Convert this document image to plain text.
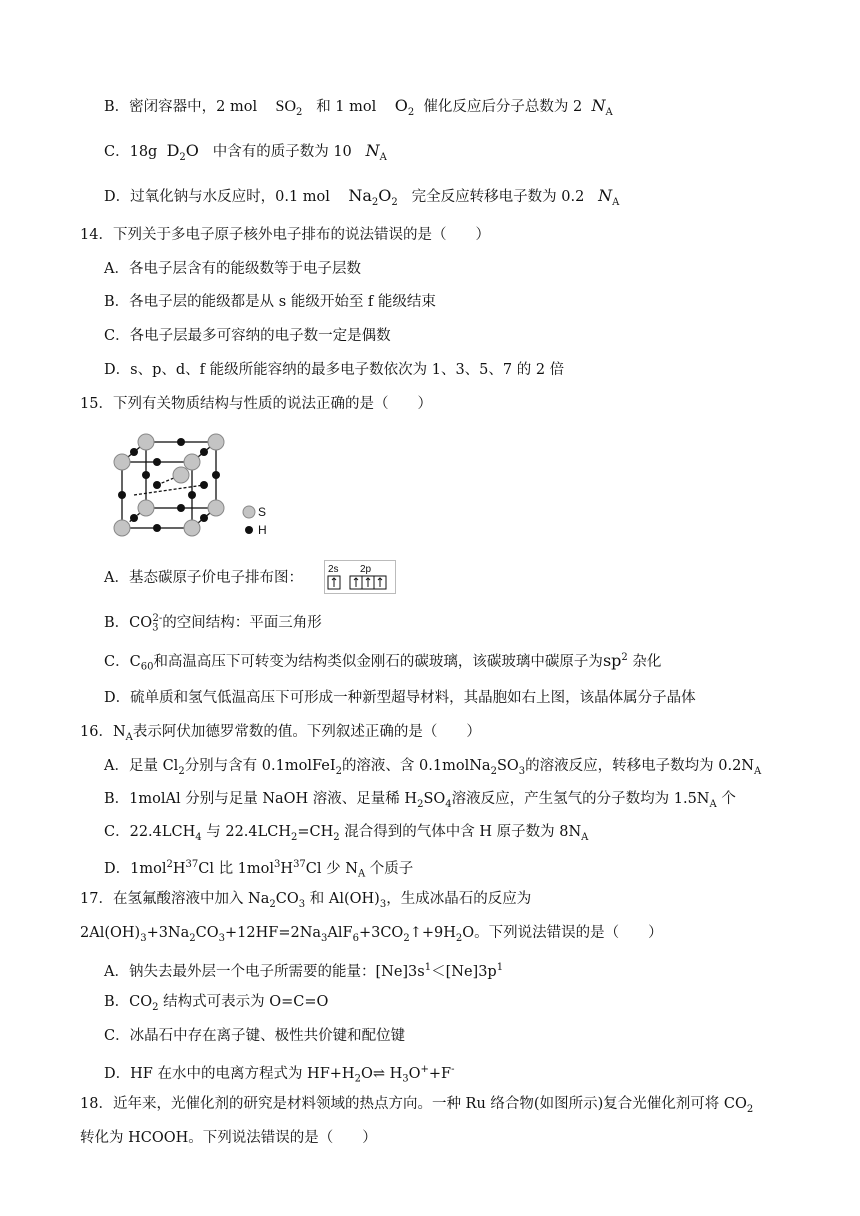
B．密闭容器中，2 mol $SO_2$ 和 1 mol $O_2$ 催化反应后分子总数为 2 $N_A$
C．18g $D_2O$ 中含有的质子数为 10 $N_A$
D．过氧化钠与水反应时，0.1 mol $Na_2O_2$ 完全反应转移电子数为 0.2 $N_A$
14．下列关于多电子原子核外电子排布的说法错误的是（　　）
A．各电子层含有的能级数等于电子层数
B．各电子层的能级都是从 s 能级开始至 f 能级结束
C．各电子层最多可容纳的电子数一定是偶数
D．s、p、d、f 能级所能容纳的最多电子数依次为 1、3、5、7 的 2 倍
15．下列有关物质结构与性质的说法正确的是（　　）
S
H
A．基态碳原子价电子排布图：
2s 2p
B．$CO_3^{2-}$的空间结构：平面三角形
C．$C_{60}$和高温高压下可转变为结构类似金刚石的碳玻璃，该碳玻璃中碳原子为$sp^2$ 杂化
D．硫单质和氢气低温高压下可形成一种新型超导材料，其晶胞如右上图，该晶体属分子晶体
16．$N_A$表示阿伏加德罗常数的值。下列叙述正确的是（　　）
A．足量 $Cl_2$分别与含有 0.1molFeI$_2$的溶液、含 $0.1molNa_2SO_3$的溶液反应，转移电子数均为 $0.2N_A$
B．1molAl 分别与足量 NaOH 溶液、足量稀 $H_2SO_4$溶液反应，产生氢气的分子数均为 $1.5N_A$ 个
C．$22.4LCH_4$ 与 $22.4LCH_2=CH_2$ 混合得到的气体中含 H 原子数为 $8N_A$
D．$1mol^2H^{37}Cl$ 比 $1mol^3H^{37}Cl$ 少 $N_A$ 个质子
17．在氢氟酸溶液中加入 $Na_2CO_3$ 和 $Al(OH)_3$，生成冰晶石的反应为
$2Al(OH)_3+3Na_2CO_3+12HF=2Na_3AlF_6+3CO_2↑+9H_2O$。下列说法错误的是（　　）
A．钠失去最外层一个电子所需要的能量：$[Ne]3s^1<[Ne]3p^1$
B．$CO_2$ 结构式可表示为 O=C=O
C．冰晶石中存在离子键、极性共价键和配位键
D．HF 在水中的电离方程式为 $HF+H_2O\rightleftharpoons$ $H_3O^++F^-$
18．近年来，光催化剂的研究是材料领域的热点方向。一种 Ru 络合物(如图所示)复合光催化剂可将 $CO_2$
转化为 HCOOH。下列说法错误的是（　　）
